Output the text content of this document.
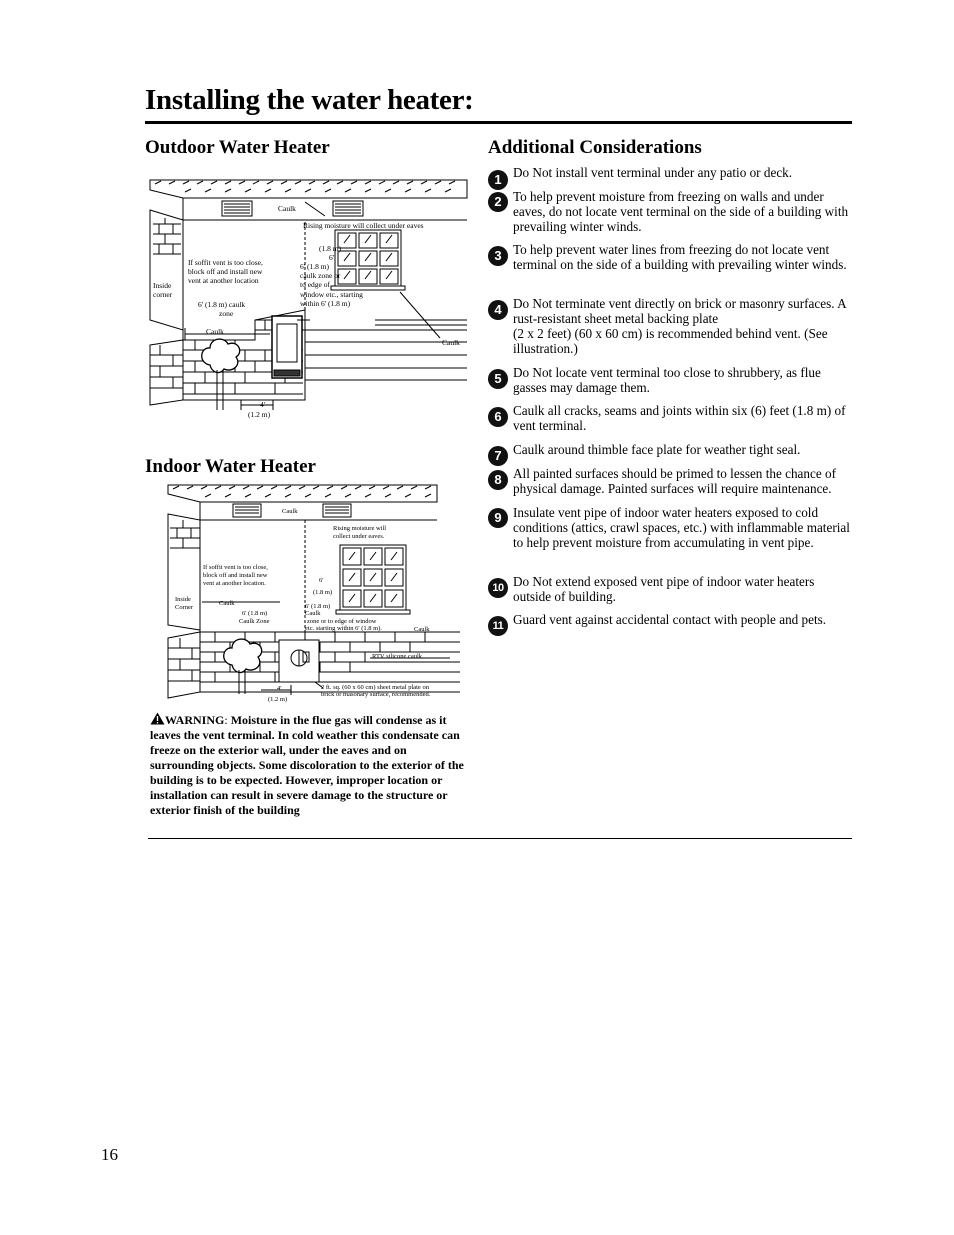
Installing the water heater:
Outdoor Water Heater
Caulk
Rising moisture will collect under eaves
If soffit vent is too close,
block off and install new
vent at another location
Inside
corner
6' (1.8 m) caulk
zone
Caulk
(1.8 m)
6'
6' (1.8 m)
caulk zone or
to edge of
window etc., starting
within 6' (1.8 m)
Caulk
4'
(1.2 m)
Indoor Water Heater
Caulk
Rising moisture will
collect under eaves.
If soffit vent is too close,
block off and install new
vent at another location.
Inside
Corner
Caulk
6' (1.8 m)
Caulk Zone
6'
(1.8 m)
6' (1.8 m)
Caulk
zone or to edge of window
etc. starting within 6' (1.8 m).	Caulk
RTV silicone caulk
4'
(1.2 m)
2 ft. sq. (60 x 60 cm) sheet metal plate on
brick or masonary surface, recommended.
WARNING: Moisture in the flue gas will condense as it leaves the vent terminal. In cold weather this condensate can freeze on the exterior wall, under the eaves and on surrounding objects. Some discoloration to the exterior of the building is to be expected. However, improper location or installation can result in severe damage to the structure or exterior finish of the building
Additional Considerations
1 Do Not install vent terminal under any patio or deck.
2 To help prevent moisture from freezing on walls and under eaves, do not locate vent terminal on the side of a building with prevailing winter winds.
3 To help prevent water lines from freezing do not locate vent terminal on the side of a building with prevailing winter winds.
4 Do Not terminate vent directly on brick or masonry surfaces. A rust-resistant sheet metal backing plate
(2 x 2 feet) (60 x 60 cm) is recommended behind vent. (See illustration.)
5 Do Not locate vent terminal too close to shrubbery, as flue gasses may damage them.
6 Caulk all cracks, seams and joints within six (6) feet (1.8 m) of vent terminal.
7 Caulk around thimble face plate for weather tight seal.
8 All painted surfaces should be primed to lessen the chance of physical damage. Painted surfaces will require maintenance.
9 Insulate vent pipe of indoor water heaters exposed to cold conditions (attics, crawl spaces, etc.) with inflammable material to help prevent moisture from accumulating in vent pipe.
10 Do Not extend exposed vent pipe of indoor water heaters outside of building.
11 Guard vent against accidental contact with people and pets.
16
